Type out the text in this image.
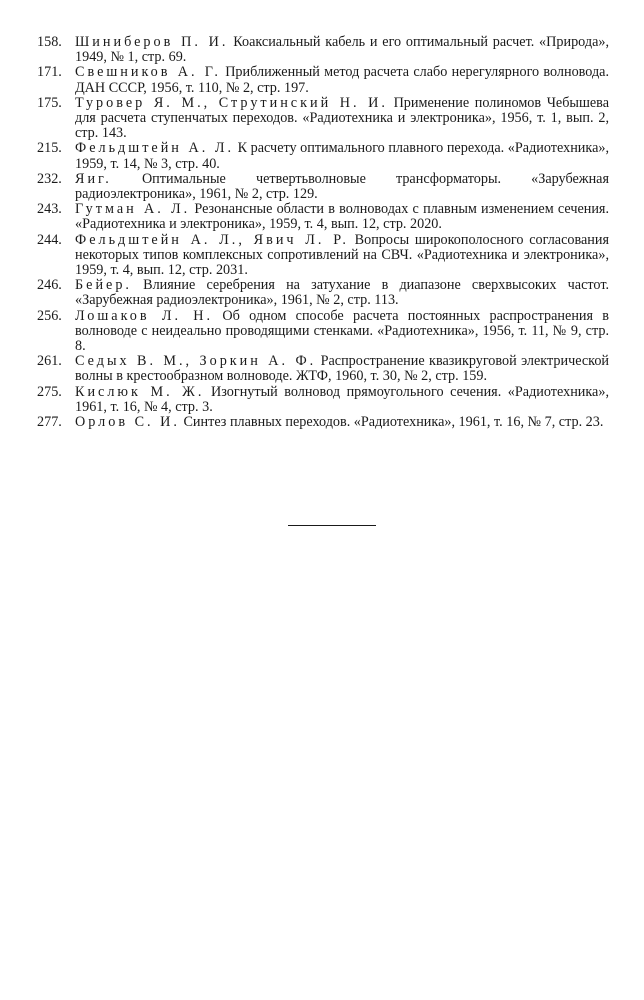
158. Шиниберов П. И. Коаксиальный кабель и его оптимальный расчет. «Природа», 1949, № 1, стр. 69.
171. Свешников А. Г. Приближенный метод расчета слабо нерегулярного волновода. ДАН СССР, 1956, т. 110, № 2, стр. 197.
175. Туровер Я. М., Струтинский Н. И. Применение полиномов Чебышева для расчета ступенчатых переходов. «Радиотехника и электроника», 1956, т. 1, вып. 2, стр. 143.
215. Фельдштейн А. Л. К расчету оптимального плавного перехода. «Радиотехника», 1959, т. 14, № 3, стр. 40.
232. Яиг. Оптимальные четвертьволновые трансформаторы. «Зарубежная радиоэлектроника», 1961, № 2, стр. 129.
243. Гутман А. Л. Резонансные области в волноводах с плавным изменением сечения. «Радиотехника и электроника», 1959, т. 4, вып. 12, стр. 2020.
244. Фельдштейн А. Л., Явич Л. Р. Вопросы широкополосного согласования некоторых типов комплексных сопротивлений на СВЧ. «Радиотехника и электроника», 1959, т. 4, вып. 12, стр. 2031.
246. Бейер. Влияние серебрения на затухание в диапазоне сверхвысоких частот. «Зарубежная радиоэлектроника», 1961, № 2, стр. 113.
256. Лошаков Л. Н. Об одном способе расчета постоянных распространения в волноводе с неидеально проводящими стенками. «Радиотехника», 1956, т. 11, № 9, стр. 8.
261. Седых В. М., Зоркин А. Ф. Распространение квазикруговой электрической волны в крестообразном волноводе. ЖТФ, 1960, т. 30, № 2, стр. 159.
275. Кислюк М. Ж. Изогнутый волновод прямоугольного сечения. «Радиотехника», 1961, т. 16, № 4, стр. 3.
277. Орлов С. И. Синтез плавных переходов. «Радиотехника», 1961, т. 16, № 7, стр. 23.
